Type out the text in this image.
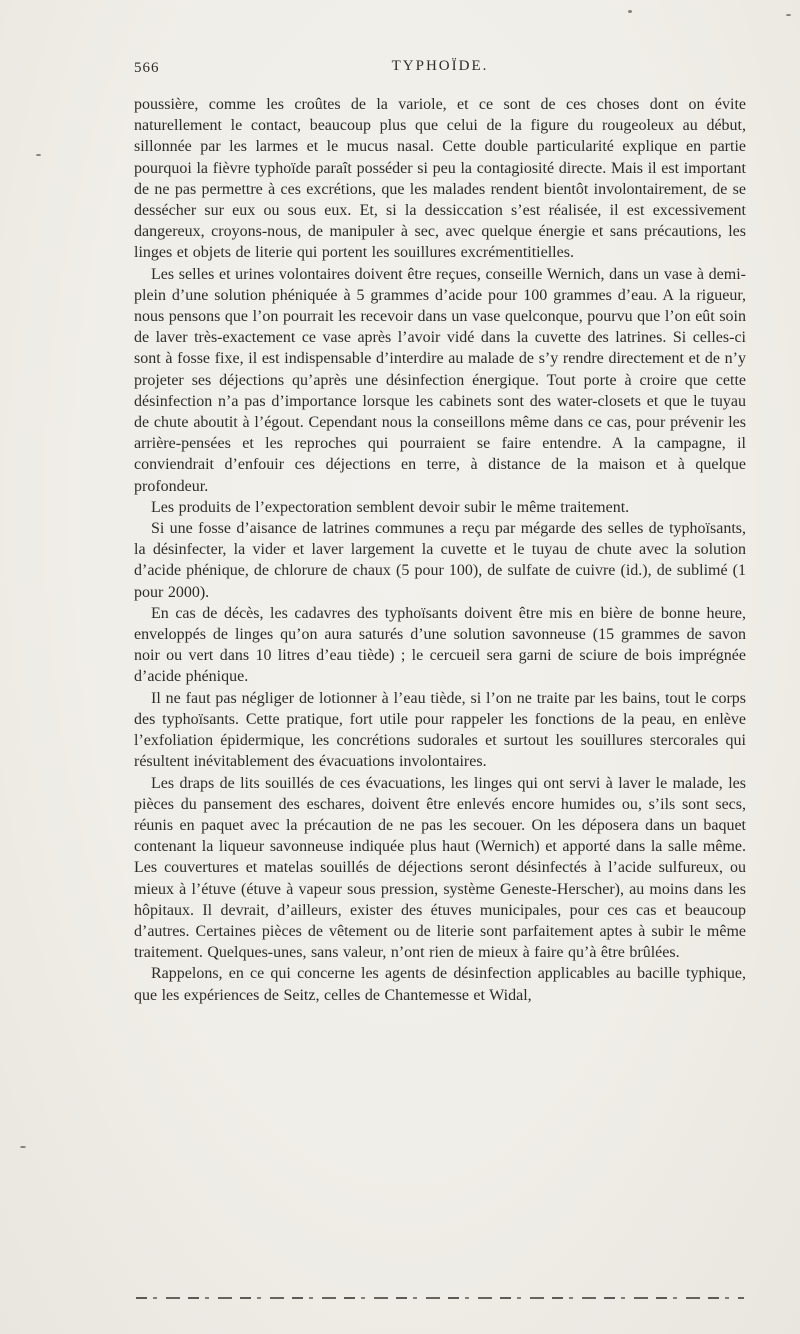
566	TYPHOÏDE.

poussière, comme les croûtes de la variole, et ce sont de ces choses dont on évite naturellement le contact, beaucoup plus que celui de la figure du rougeoleux au début, sillonnée par les larmes et le mucus nasal. Cette double particularité explique en partie pourquoi la fièvre typhoïde paraît posséder si peu la contagiosité directe. Mais il est important de ne pas permettre à ces excrétions, que les malades rendent bientôt involontairement, de se dessécher sur eux ou sous eux. Et, si la dessiccation s’est réalisée, il est excessivement dangereux, croyons-nous, de manipuler à sec, avec quelque énergie et sans précautions, les linges et objets de literie qui portent les souillures excrémentitielles.

Les selles et urines volontaires doivent être reçues, conseille Wernich, dans un vase à demi-plein d’une solution phéniquée à 5 grammes d’acide pour 100 grammes d’eau. A la rigueur, nous pensons que l’on pourrait les recevoir dans un vase quelconque, pourvu que l’on eût soin de laver très-exactement ce vase après l’avoir vidé dans la cuvette des latrines. Si celles-ci sont à fosse fixe, il est indispensable d’interdire au malade de s’y rendre directement et de n’y projeter ses déjections qu’après une désinfection énergique. Tout porte à croire que cette désinfection n’a pas d’importance lorsque les cabinets sont des water-closets et que le tuyau de chute aboutit à l’égout. Cependant nous la conseillons même dans ce cas, pour prévenir les arrière-pensées et les reproches qui pourraient se faire entendre. A la campagne, il conviendrait d’enfouir ces déjections en terre, à distance de la maison et à quelque profondeur.

Les produits de l’expectoration semblent devoir subir le même traitement.

Si une fosse d’aisance de latrines communes a reçu par mégarde des selles de typhoïsants, la désinfecter, la vider et laver largement la cuvette et le tuyau de chute avec la solution d’acide phénique, de chlorure de chaux (5 pour 100), de sulfate de cuivre (id.), de sublimé (1 pour 2000).

En cas de décès, les cadavres des typhoïsants doivent être mis en bière de bonne heure, enveloppés de linges qu’on aura saturés d’une solution savonneuse (15 grammes de savon noir ou vert dans 10 litres d’eau tiède) ; le cercueil sera garni de sciure de bois imprégnée d’acide phénique.

Il ne faut pas négliger de lotionner à l’eau tiède, si l’on ne traite par les bains, tout le corps des typhoïsants. Cette pratique, fort utile pour rappeler les fonctions de la peau, en enlève l’exfoliation épidermique, les concrétions sudorales et surtout les souillures stercorales qui résultent inévitablement des évacuations involontaires.

Les draps de lits souillés de ces évacuations, les linges qui ont servi à laver le malade, les pièces du pansement des eschares, doivent être enlevés encore humides ou, s’ils sont secs, réunis en paquet avec la précaution de ne pas les secouer. On les déposera dans un baquet contenant la liqueur savonneuse indiquée plus haut (Wernich) et apporté dans la salle même. Les couvertures et matelas souillés de déjections seront désinfectés à l’acide sulfureux, ou mieux à l’étuve (étuve à vapeur sous pression, système Geneste-Herscher), au moins dans les hôpitaux. Il devrait, d’ailleurs, exister des étuves municipales, pour ces cas et beaucoup d’autres. Certaines pièces de vêtement ou de literie sont parfaitement aptes à subir le même traitement. Quelques-unes, sans valeur, n’ont rien de mieux à faire qu’à être brûlées.

Rappelons, en ce qui concerne les agents de désinfection applicables au bacille typhique, que les expériences de Seitz, celles de Chantemesse et Widal,
